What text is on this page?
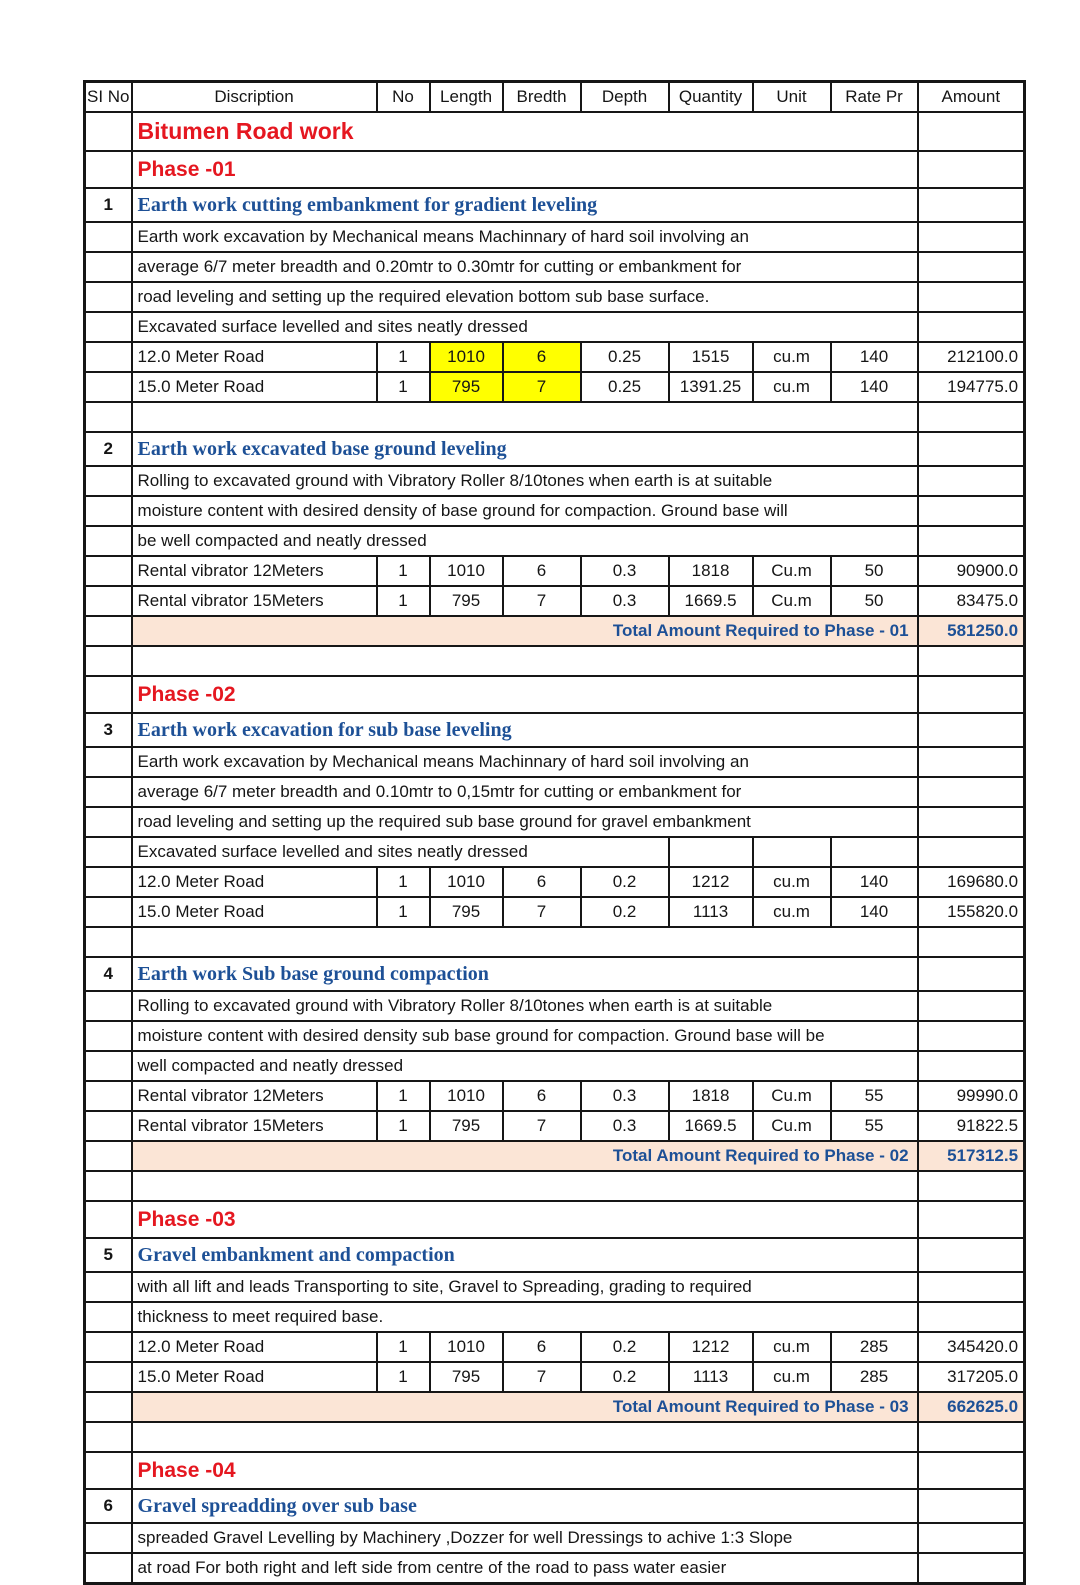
SI No	Discription	No	Length	Bredth	Depth	Quantity	Unit	Rate Pr	Amount
	Bitumen Road work								
	Phase -01								
1	Earth work cutting embankment for gradient leveling								
	Earth work excavation by Mechanical means Machinnary of hard soil involving an								
	average 6/7 meter breadth and 0.20mtr to 0.30mtr for cutting or embankment for								
	road leveling and setting up the required elevation bottom sub base surface.								
	Excavated surface levelled and sites neatly dressed								
	12.0 Meter Road	1	1010	6	0.25	1515	cu.m	140	212100.0
	15.0 Meter Road	1	795	7	0.25	1391.25	cu.m	140	194775.0

2	Earth work excavated base ground leveling								
	Rolling to excavated ground with Vibratory Roller 8/10tones when earth is at suitable								
	moisture content with desired density of base ground for compaction. Ground base will								
	be well compacted and neatly dressed								
	Rental vibrator 12Meters	1	1010	6	0.3	1818	Cu.m	50	90900.0
	Rental vibrator 15Meters	1	795	7	0.3	1669.5	Cu.m	50	83475.0
	Total Amount Required to Phase - 01								581250.0

	Phase -02								
3	Earth work excavation for sub base leveling								
	Earth work excavation by Mechanical means Machinnary of hard soil involving an								
	average 6/7 meter breadth and 0.10mtr to 0,15mtr for cutting or embankment for								
	road leveling and setting up the required sub base ground for gravel embankment								
	Excavated surface levelled and sites neatly dressed								
	12.0 Meter Road	1	1010	6	0.2	1212	cu.m	140	169680.0
	15.0 Meter Road	1	795	7	0.2	1113	cu.m	140	155820.0

4	Earth work Sub base ground compaction								
	Rolling to excavated ground with Vibratory Roller 8/10tones when earth is at suitable								
	moisture content with desired density sub base ground for compaction. Ground base will be								
	well compacted and neatly dressed								
	Rental vibrator 12Meters	1	1010	6	0.3	1818	Cu.m	55	99990.0
	Rental vibrator 15Meters	1	795	7	0.3	1669.5	Cu.m	55	91822.5
	Total Amount Required to Phase - 02								517312.5

	Phase -03								
5	Gravel embankment and compaction								
	with all lift and leads Transporting to site, Gravel to Spreading, grading to required								
	thickness to meet required base.								
	12.0 Meter Road	1	1010	6	0.2	1212	cu.m	285	345420.0
	15.0 Meter Road	1	795	7	0.2	1113	cu.m	285	317205.0
	Total Amount Required to Phase - 03								662625.0

	Phase -04								
6	Gravel spreadding over sub base								
	spreaded Gravel Levelling by Machinery ,Dozzer for well Dressings to achive 1:3 Slope								
	at road For both right and left side from centre of the road to pass water easier								
